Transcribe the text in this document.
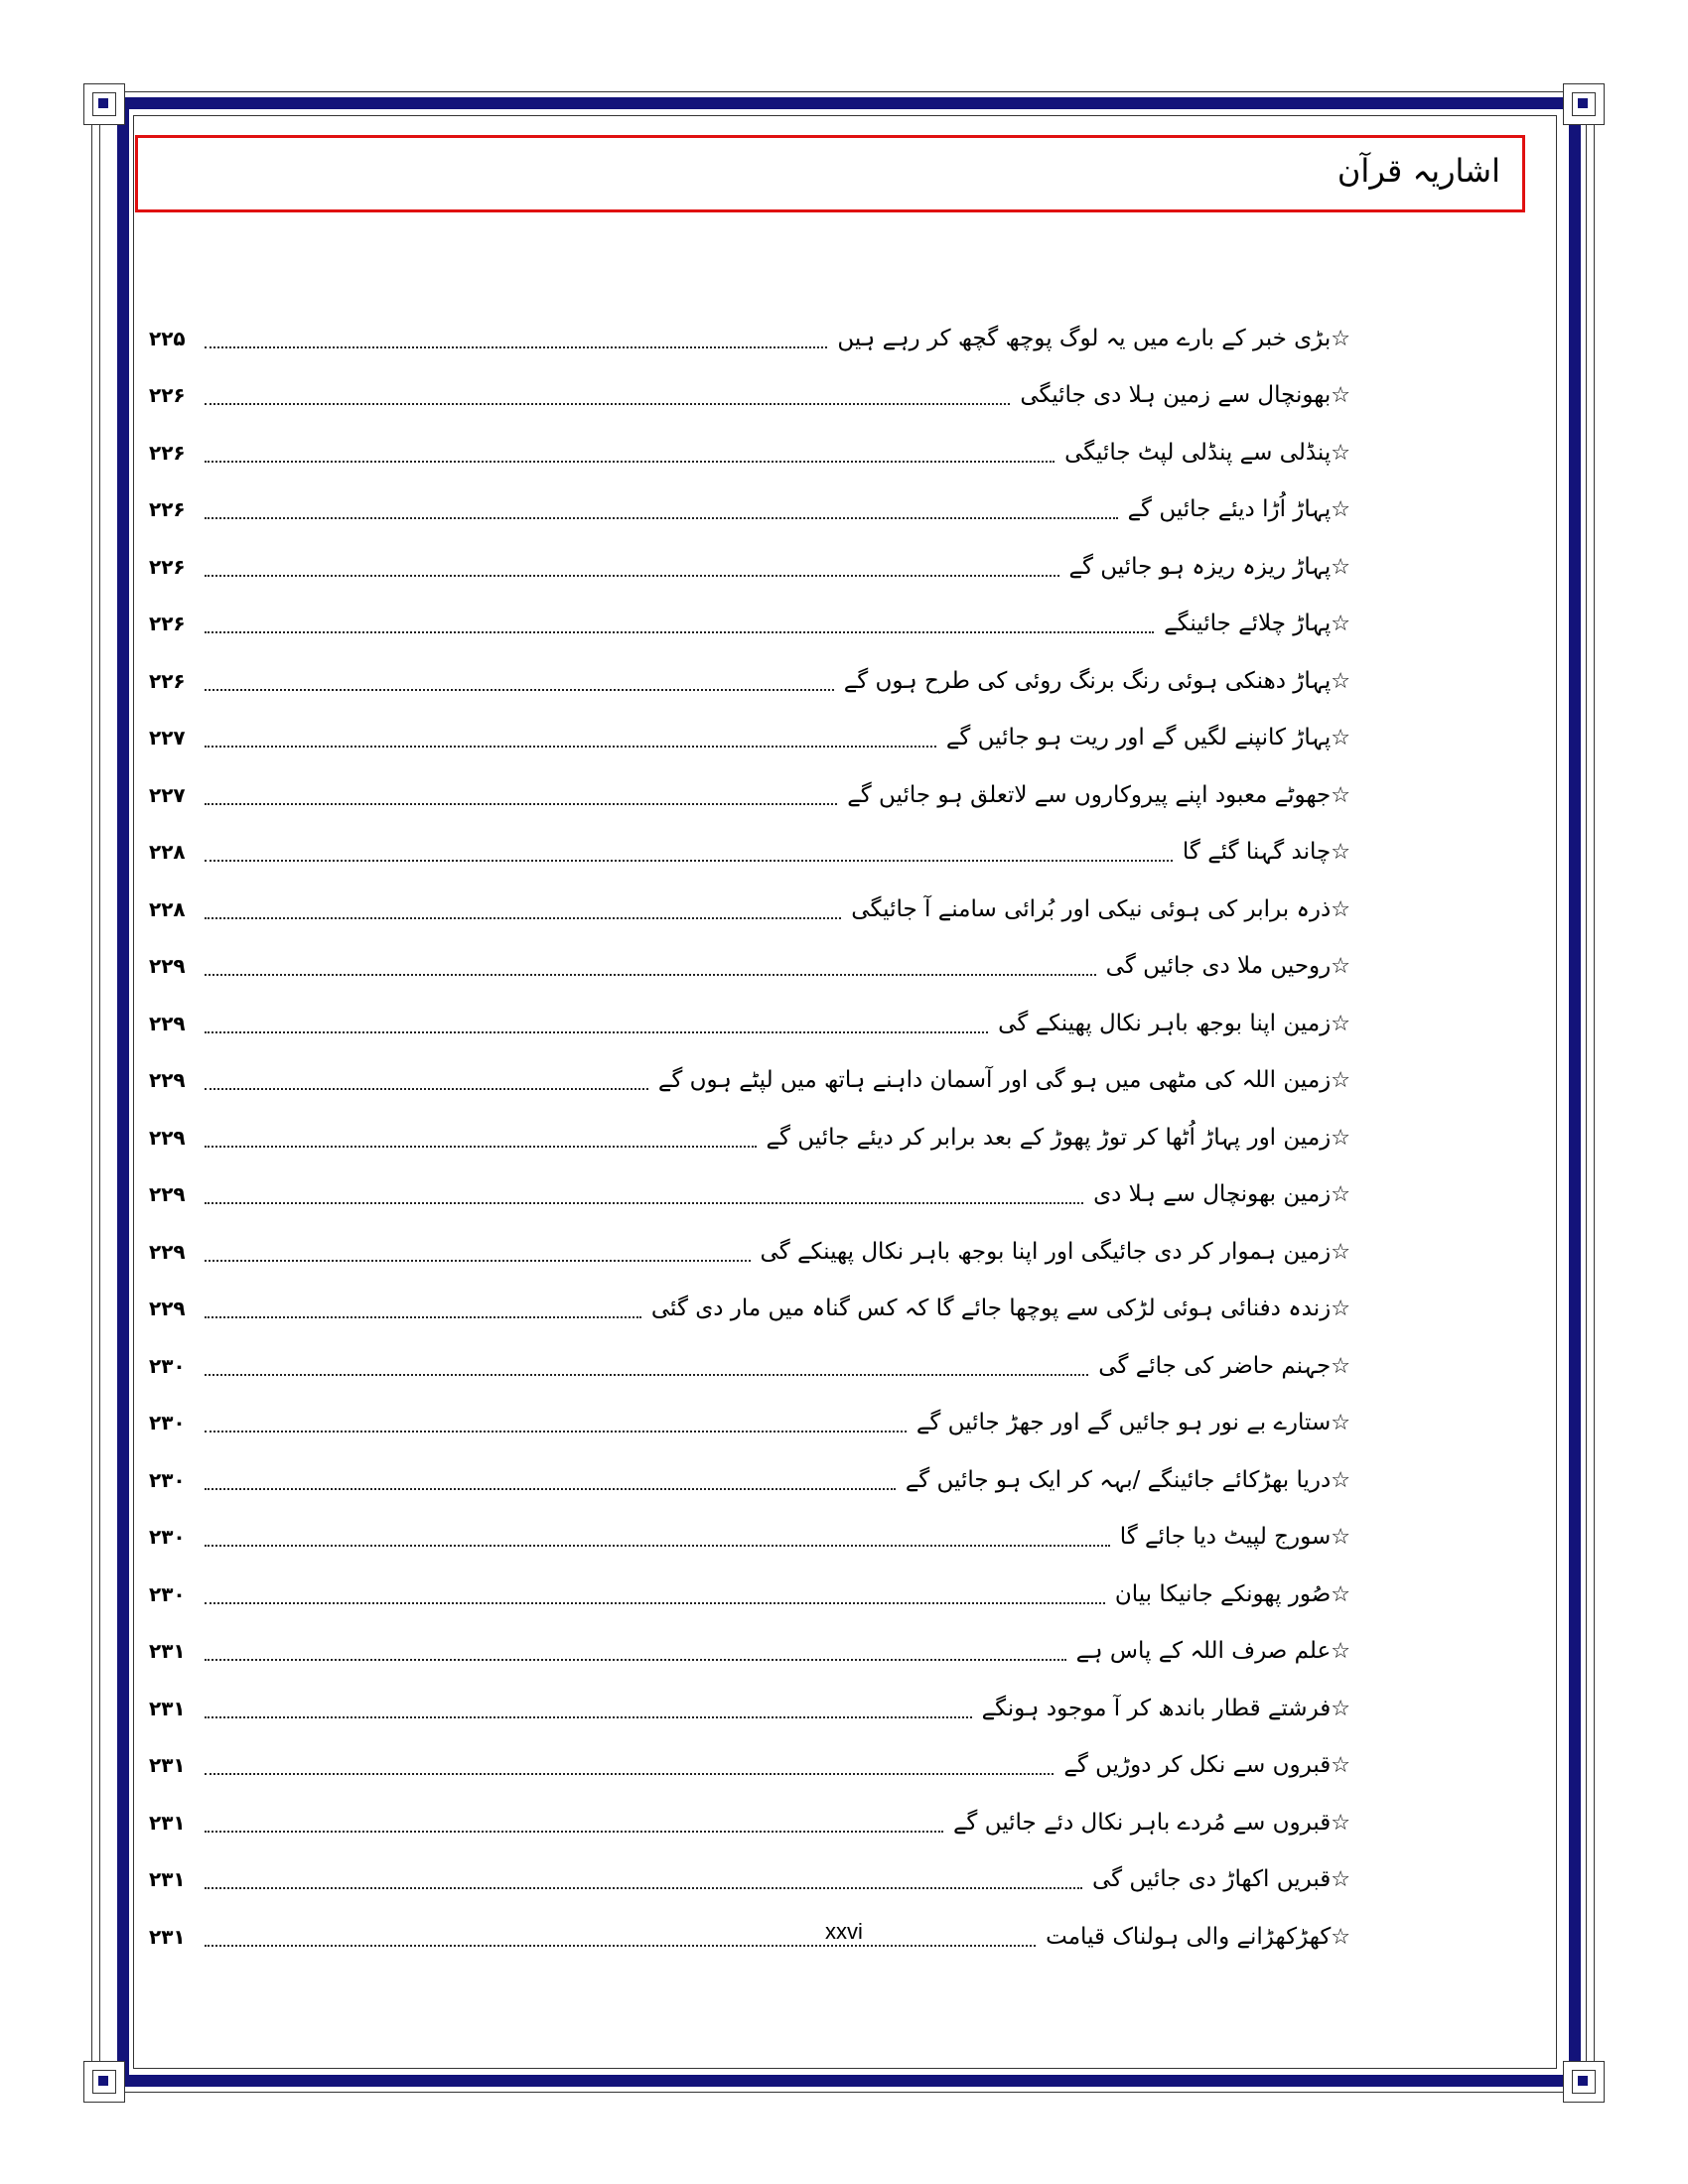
اشاریہ قرآن
☆بڑی خبر کے بارے میں یہ لوگ پوچھ گچھ کر رہے ہیں
۲۲۵
☆بھونچال سے زمین ہلا دی جائیگی
۲۲۶
☆پنڈلی سے پنڈلی لپٹ جائیگی
۲۲۶
☆پہاڑ اُڑا دیئے جائیں گے
۲۲۶
☆پہاڑ ریزہ ریزہ ہو جائیں گے
۲۲۶
☆پہاڑ چلائے جائینگے
۲۲۶
☆پہاڑ دھنکی ہوئی رنگ برنگ روئی کی طرح ہوں گے
۲۲۶
☆پہاڑ کانپنے لگیں گے اور ریت ہو جائیں گے
۲۲۷
☆جھوٹے معبود اپنے پیروکاروں سے لاتعلق ہو جائیں گے
۲۲۷
☆چاند گہنا گئے گا
۲۲۸
☆ذرہ برابر کی ہوئی نیکی اور بُرائی سامنے آ جائیگی
۲۲۸
☆روحیں ملا دی جائیں گی
۲۲۹
☆زمین اپنا بوجھ باہر نکال پھینکے گی
۲۲۹
☆زمین اللہ کی مٹھی میں ہو گی اور آسمان داہنے ہاتھ میں لپٹے ہوں گے
۲۲۹
☆زمین اور پہاڑ اُٹھا کر توڑ پھوڑ کے بعد برابر کر دیئے جائیں گے
۲۲۹
☆زمین بھونچال سے ہلا دی
۲۲۹
☆زمین ہموار کر دی جائیگی اور اپنا بوجھ باہر نکال پھینکے گی
۲۲۹
☆زندہ دفنائی ہوئی لڑکی سے پوچھا جائے گا کہ کس گناہ میں مار دی گئی
۲۲۹
☆جہنم حاضر کی جائے گی
۲۳۰
☆ستارے بے نور ہو جائیں گے اور جھڑ جائیں گے
۲۳۰
☆دریا بھڑکائے جائینگے /بہہ کر ایک ہو جائیں گے
۲۳۰
☆سورج لپیٹ دیا جائے گا
۲۳۰
☆صُور پھونکے جانیکا بیان
۲۳۰
☆علم صرف اللہ کے پاس ہے
۲۳۱
☆فرشتے قطار باندھ کر آ موجود ہونگے
۲۳۱
☆قبروں سے نکل کر دوڑیں گے
۲۳۱
☆قبروں سے مُردے باہر نکال دئے جائیں گے
۲۳۱
☆قبریں اکھاڑ دی جائیں گی
۲۳۱
☆کھڑکھڑانے والی ہولناک قیامت
۲۳۱	xxvi
